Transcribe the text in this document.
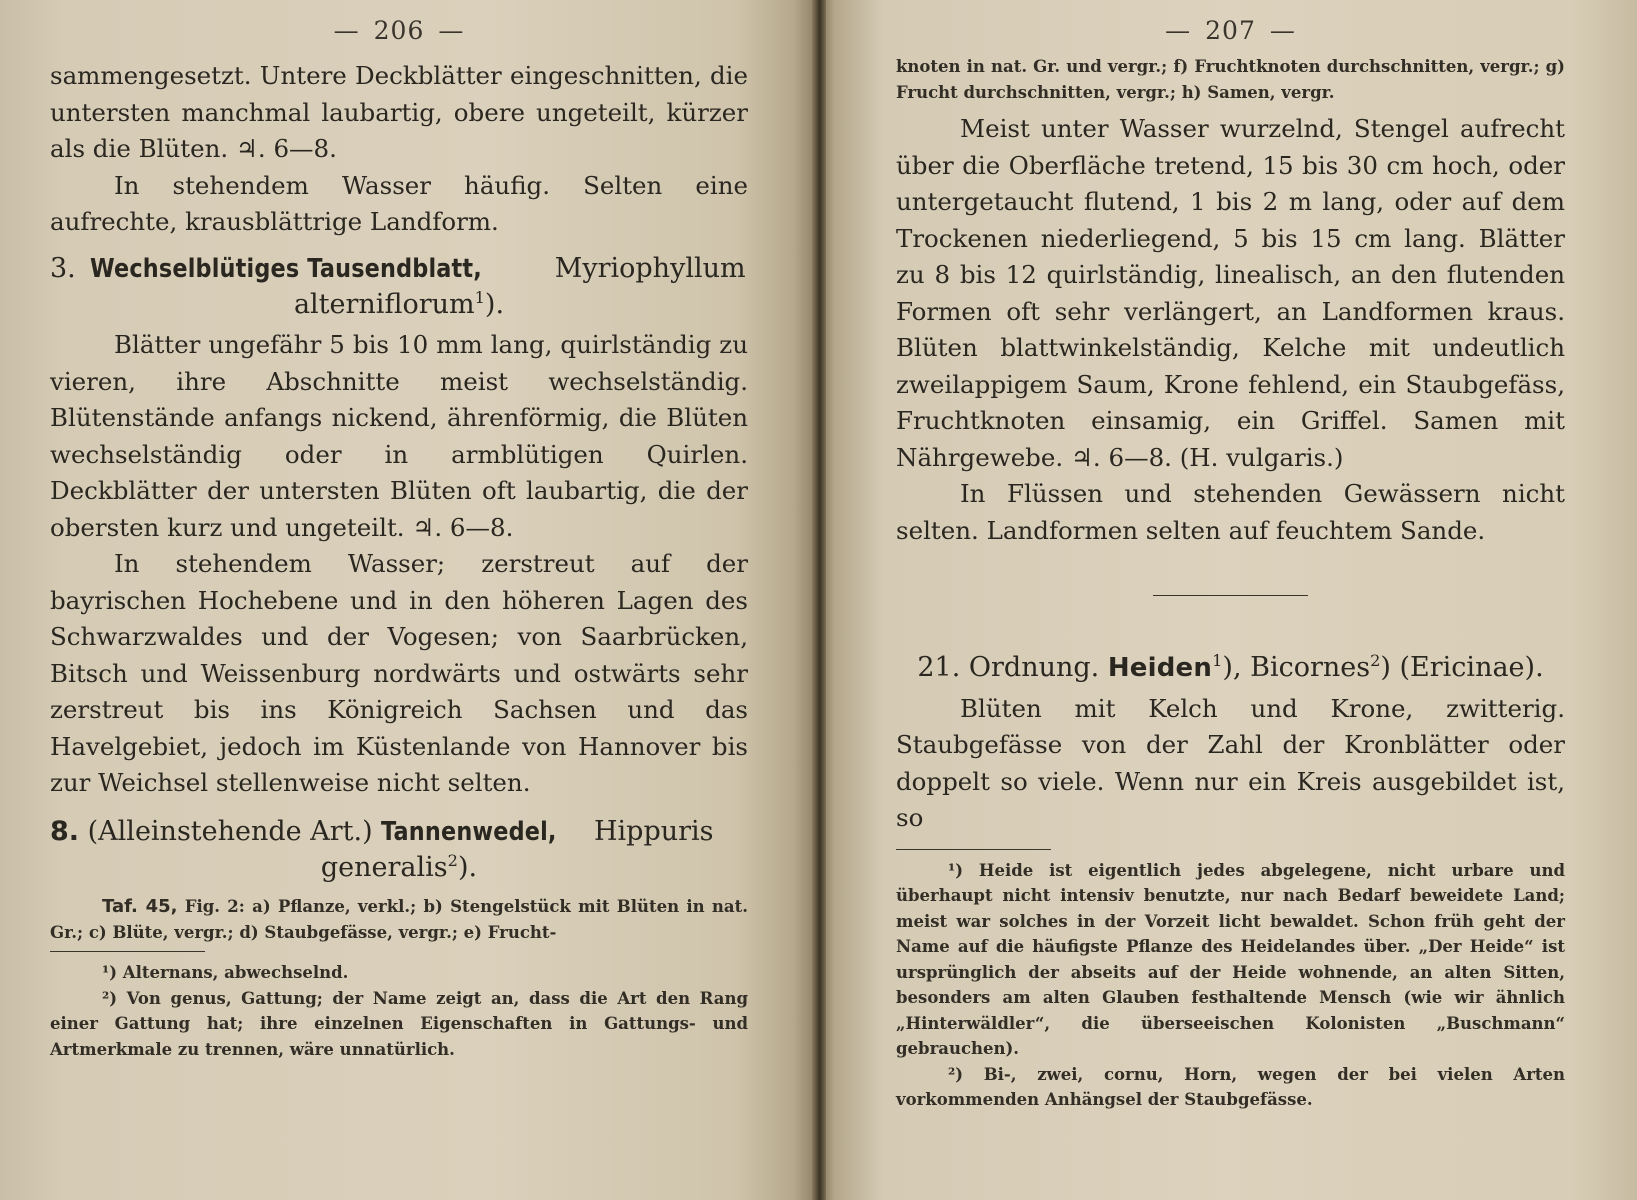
— 206 —

sammengesetzt. Untere Deckblätter eingeschnitten, die untersten manchmal laubartig, obere ungeteilt, kürzer als die Blüten. ♃. 6—8.

In stehendem Wasser häufig. Selten eine aufrechte, krausblättrige Landform.

3. Wechselblütiges Tausendblatt,	Myriophyllum

alterniflorum$^1$).

Blätter ungefähr 5 bis 10 mm lang, quirlständig zu vieren, ihre Abschnitte meist wechselständig. Blütenstände anfangs nickend, ährenförmig, die Blüten wechselständig oder in armblütigen Quirlen. Deckblätter der untersten Blüten oft laubartig, die der obersten kurz und ungeteilt. ♃. 6—8.

In stehendem Wasser; zerstreut auf der bayrischen Hochebene und in den höheren Lagen des Schwarzwaldes und der Vogesen; von Saarbrücken, Bitsch und Weissenburg nordwärts und ostwärts sehr zerstreut bis ins Königreich Sachsen und das Havelgebiet, jedoch im Küstenlande von Hannover bis zur Weichsel stellenweise nicht selten.

8. (Alleinstehende Art.) Tannenwedel, Hippuris

generalis$^2$).

Taf. 45, Fig. 2: a) Pflanze, verkl.; b) Stengelstück mit Blüten in nat. Gr.; c) Blüte, vergr.; d) Staubgefässe, vergr.; e) Frucht-

¹) Alternans, abwechselnd.

²) Von genus, Gattung; der Name zeigt an, dass die Art den Rang einer Gattung hat; ihre einzelnen Eigenschaften in Gattungs- und Artmerkmale zu trennen, wäre unnatürlich.

— 207 —

knoten in nat. Gr. und vergr.; f) Fruchtknoten durchschnitten, vergr.; g) Frucht durchschnitten, vergr.; h) Samen, vergr.

Meist unter Wasser wurzelnd, Stengel aufrecht über die Oberfläche tretend, 15 bis 30 cm hoch, oder untergetaucht flutend, 1 bis 2 m lang, oder auf dem Trockenen niederliegend, 5 bis 15 cm lang. Blätter zu 8 bis 12 quirlständig, linealisch, an den flutenden Formen oft sehr verlängert, an Landformen kraus. Blüten blattwinkelständig, Kelche mit undeutlich zweilappigem Saum, Krone fehlend, ein Staubgefäss, Fruchtknoten einsamig, ein Griffel. Samen mit Nährgewebe. ♃. 6—8. (H. vulgaris.)

In Flüssen und stehenden Gewässern nicht selten. Landformen selten auf feuchtem Sande.

21. Ordnung. Heiden$^1$), Bicornes$^2$) (Ericinae).

Blüten mit Kelch und Krone, zwitterig. Staubgefässe von der Zahl der Kronblätter oder doppelt so viele. Wenn nur ein Kreis ausgebildet ist, so

¹) Heide ist eigentlich jedes abgelegene, nicht urbare und überhaupt nicht intensiv benutzte, nur nach Bedarf beweidete Land; meist war solches in der Vorzeit licht bewaldet. Schon früh geht der Name auf die häufigste Pflanze des Heidelandes über. „Der Heide“ ist ursprünglich der abseits auf der Heide wohnende, an alten Sitten, besonders am alten Glauben festhaltende Mensch (wie wir ähnlich „Hinterwäldler“, die überseeischen Kolonisten „Buschmann“ gebrauchen).

²) Bi-, zwei, cornu, Horn, wegen der bei vielen Arten vorkommenden Anhängsel der Staubgefässe.
